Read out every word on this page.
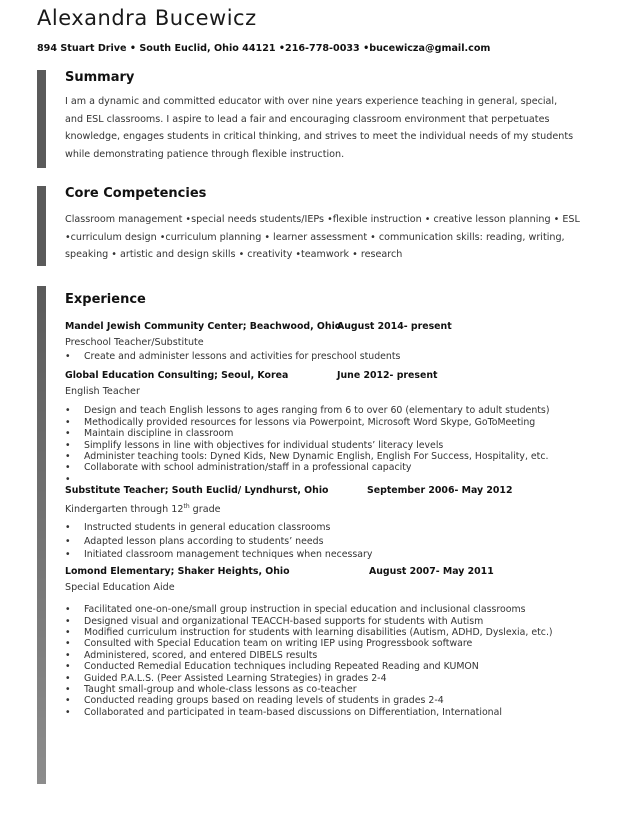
Alexandra Bucewicz
894 Stuart Drive • South Euclid, Ohio 44121 •216-778-0033 •bucewicza@gmail.com
Summary

I am a dynamic and committed educator with over nine years experience teaching in general, special,

and ESL classrooms. I aspire to lead a fair and encouraging classroom environment that perpetuates

knowledge, engages students in critical thinking, and strives to meet the individual needs of my students

while demonstrating patience through flexible instruction.

Core Competencies

Classroom management •special needs students/IEPs •flexible instruction • creative lesson planning • ESL

•curriculum design •curriculum planning • learner assessment • communication skills: reading, writing,

speaking • artistic and design skills • creativity •teamwork • research

Experience
Mandel Jewish Community Center; Beachwood, Ohio
August 2014- present
Preschool Teacher/Substitute
• Create and administer lessons and activities for preschool students
Global Education Consulting; Seoul, Korea	June 2012- present
English Teacher
• Design and teach English lessons to ages ranging from 6 to over 60 (elementary to adult students)
• Methodically provided resources for lessons via Powerpoint, Microsoft Word Skype, GoToMeeting
• Maintain discipline in classroom
• Simplify lessons in line with objectives for individual students’ literacy levels
• Administer teaching tools: Dyned Kids, New Dynamic English, English For Success, Hospitality, etc.
• Collaborate with school administration/staff in a professional capacity
•
Substitute Teacher; South Euclid/ Lyndhurst, Ohio	September 2006- May 2012
Kindergarten through 12th grade
• Instructed students in general education classrooms
• Adapted lesson plans according to students’ needs
• Initiated classroom management techniques when necessary
Lomond Elementary; Shaker Heights, Ohio	August 2007- May 2011
Special Education Aide
• Facilitated one-on-one/small group instruction in special education and inclusional classrooms
• Designed visual and organizational TEACCH-based supports for students with Autism
• Modified curriculum instruction for students with learning disabilities (Autism, ADHD, Dyslexia, etc.)
• Consulted with Special Education team on writing IEP using Progressbook software
• Administered, scored, and entered DIBELS results
• Conducted Remedial Education techniques including Repeated Reading and KUMON
• Guided P.A.L.S. (Peer Assisted Learning Strategies) in grades 2-4
• Taught small-group and whole-class lessons as co-teacher
• Conducted reading groups based on reading levels of students in grades 2-4
• Collaborated and participated in team-based discussions on Differentiation, International
